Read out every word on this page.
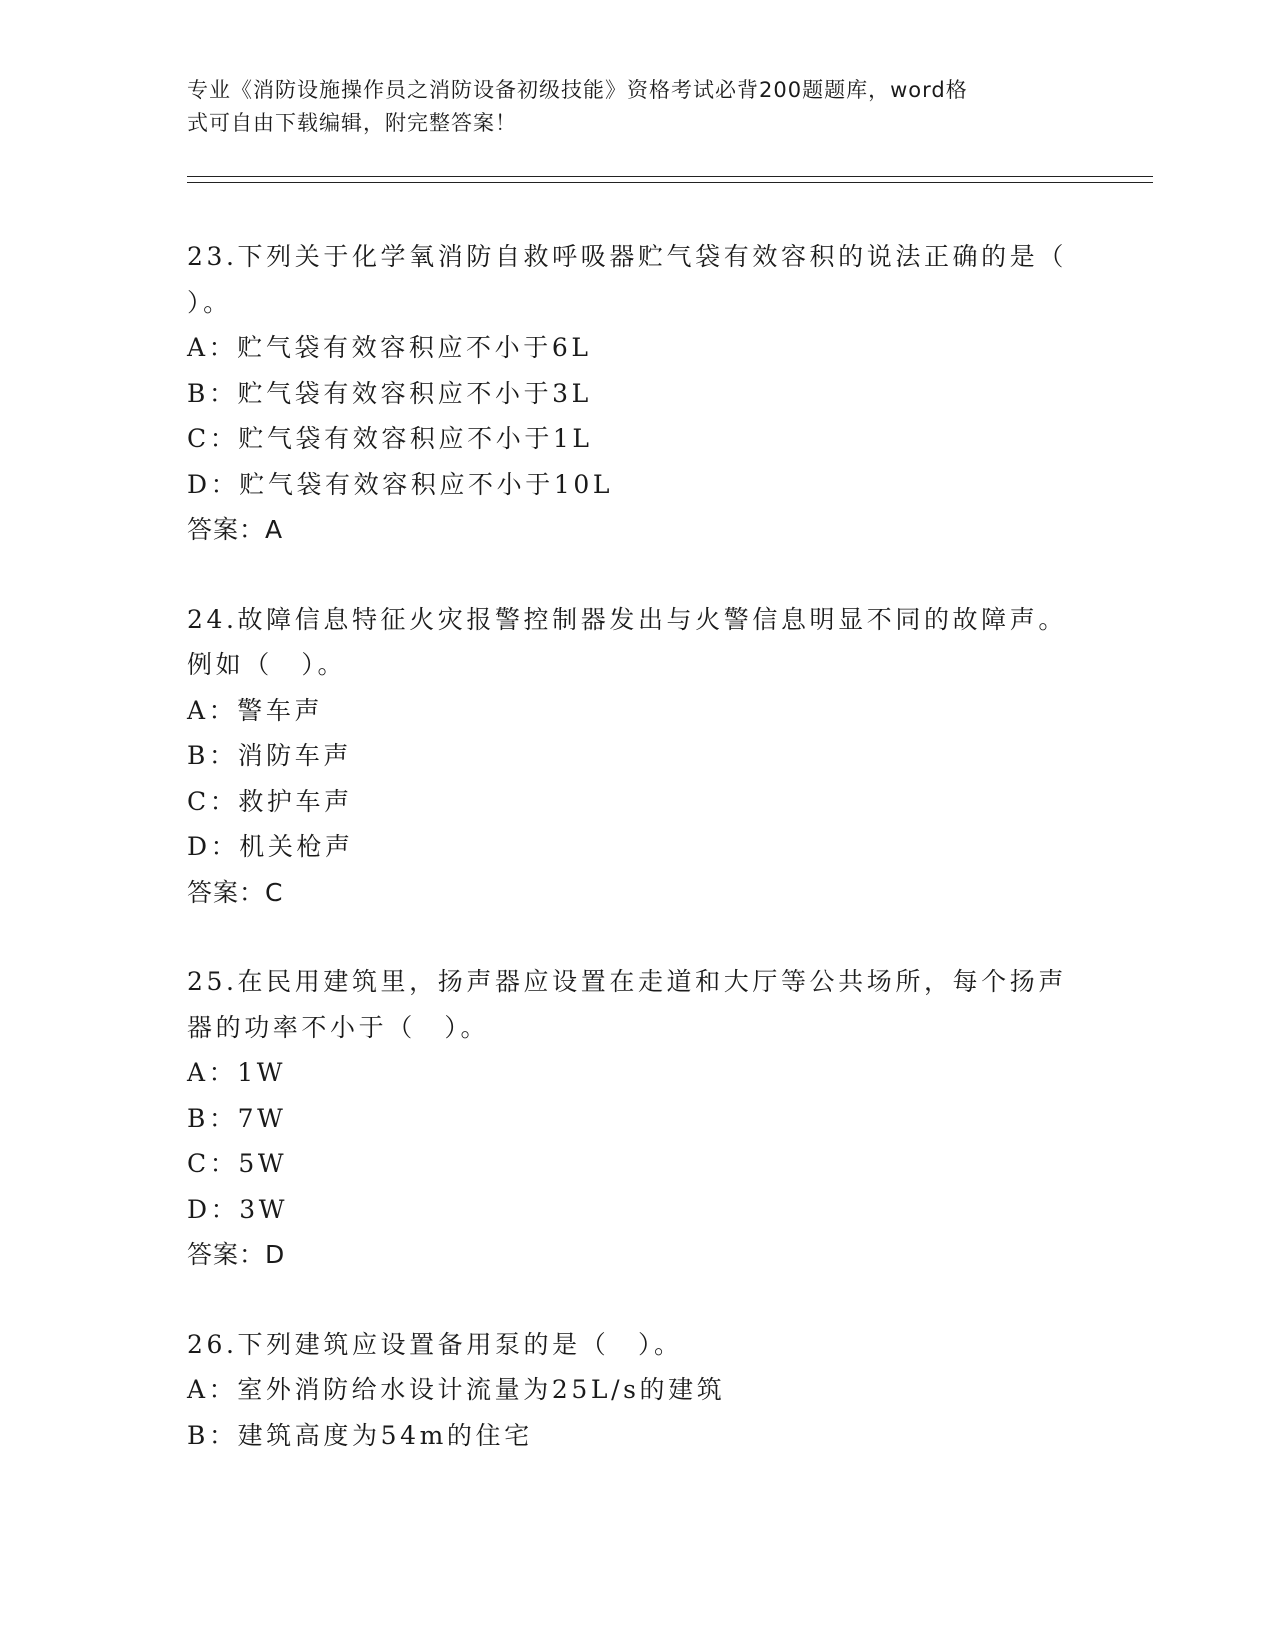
专业《消防设施操作员之消防设备初级技能》资格考试必背200题题库，word格
式可自由下载编辑，附完整答案！
23.下列关于化学氧消防自救呼吸器贮气袋有效容积的说法正确的是（
）。
A：贮气袋有效容积应不小于6L
B：贮气袋有效容积应不小于3L
C：贮气袋有效容积应不小于1L
D：贮气袋有效容积应不小于10L
答案：A
24.故障信息特征火灾报警控制器发出与火警信息明显不同的故障声。
例如（　）。
A：警车声
B：消防车声
C：救护车声
D：机关枪声
答案：C
25.在民用建筑里，扬声器应设置在走道和大厅等公共场所，每个扬声
器的功率不小于（　）。
A：1W
B：7W
C：5W
D：3W
答案：D
26.下列建筑应设置备用泵的是（　）。
A：室外消防给水设计流量为25L/s的建筑
B：建筑高度为54m的住宅
